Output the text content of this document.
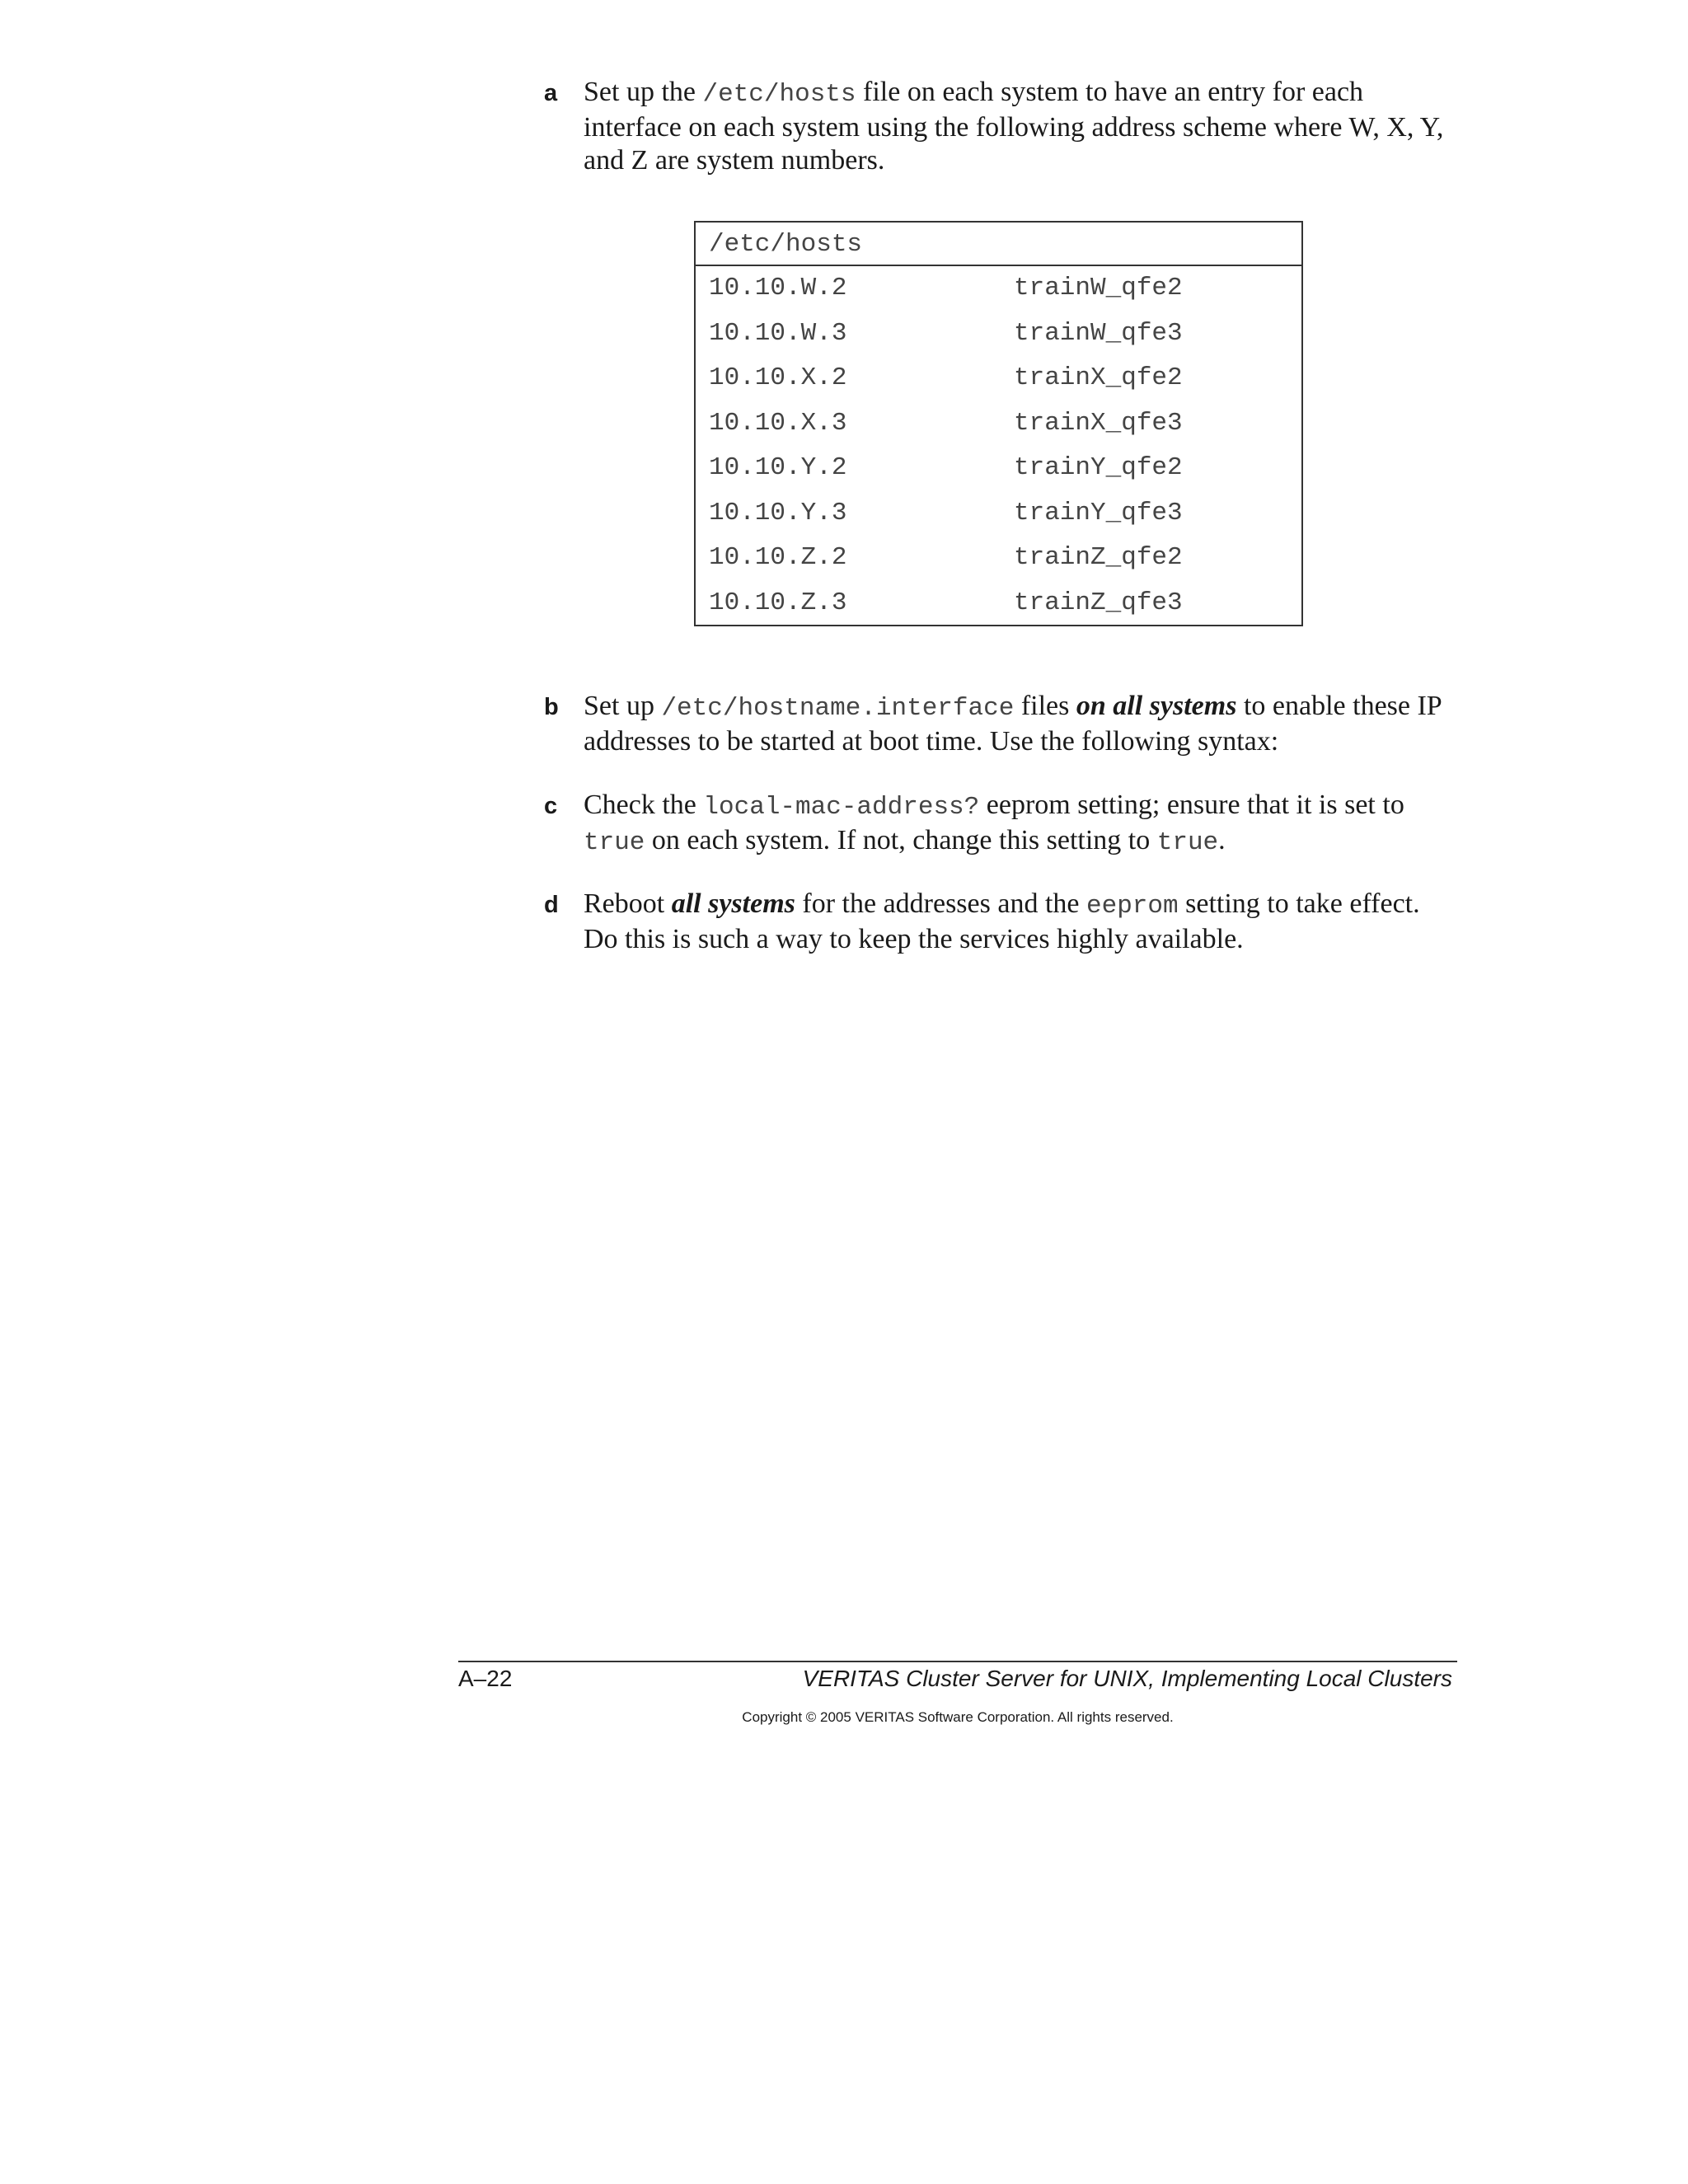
a Set up the /etc/hosts file on each system to have an entry for each interface on each system using the following address scheme where W, X, Y, and Z are system numbers.
/etc/hosts
10.10.W.2	trainW_qfe2
10.10.W.3	trainW_qfe3
10.10.X.2	trainX_qfe2
10.10.X.3	trainX_qfe3
10.10.Y.2	trainY_qfe2
10.10.Y.3	trainY_qfe3
10.10.Z.2	trainZ_qfe2
10.10.Z.3	trainZ_qfe3
b Set up /etc/hostname.interface files on all systems to enable these IP addresses to be started at boot time. Use the following syntax:
c Check the local-mac-address? eeprom setting; ensure that it is set to true on each system. If not, change this setting to true.
d Reboot all systems for the addresses and the eeprom setting to take effect. Do this is such a way to keep the services highly available.
A–22	VERITAS Cluster Server for UNIX, Implementing Local Clusters
Copyright © 2005 VERITAS Software Corporation. All rights reserved.
